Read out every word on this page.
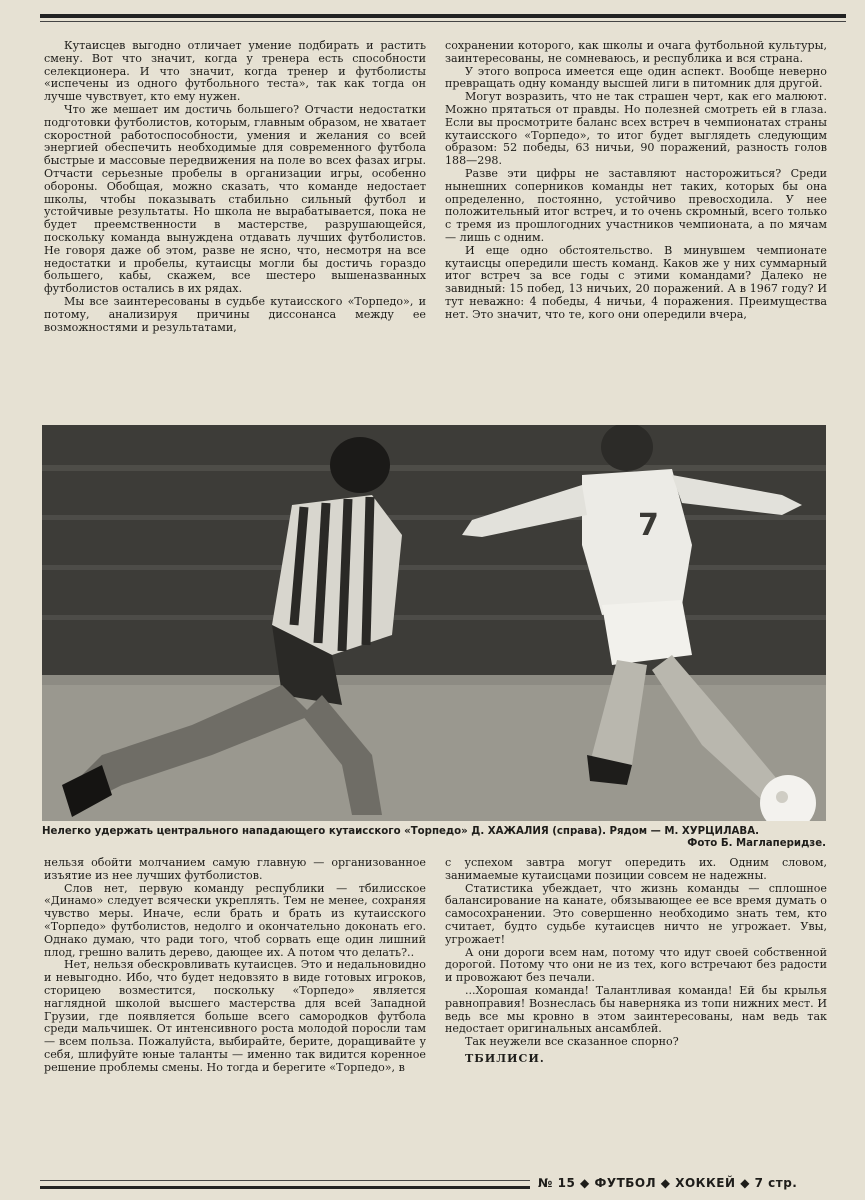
Кутаисцев выгодно отличает умение подбирать и растить смену. Вот что значит, когда у тренера есть способности селекционера. И что значит, когда тренер и футболисты «испечены из одного футбольного теста», так как тогда он лучше чувствует, кто ему нужен.

Что же мешает им достичь большего? Отчасти недостатки подготовки футболистов, которым, главным образом, не хватает скоростной работоспособности, умения и желания со всей энергией обеспечить необходимые для современного футбола быстрые и массовые передвижения на поле во всех фазах игры. Отчасти серьезные пробелы в организации игры, особенно обороны. Обобщая, можно сказать, что команде недостает школы, чтобы показывать стабильно сильный футбол и устойчивые результаты. Но школа не вырабатывается, пока не будет преемственности в мастерстве, разрушающейся, поскольку команда вынуждена отдавать лучших футболистов. Не говоря даже об этом, разве не ясно, что, несмотря на все недостатки и пробелы, кутаисцы могли бы достичь гораздо большего, кабы, скажем, все шестеро вышеназванных футболистов остались в их рядах.

Мы все заинтересованы в судьбе кутаисского «Торпедо», и потому, анализируя причины диссонанса между ее возможностями и результатами,

сохранении которого, как школы и очага футбольной культуры, заинтересованы, не сомневаюсь, и республика и вся страна.

У этого вопроса имеется еще один аспект. Вообще неверно превращать одну команду высшей лиги в питомник для другой.

Могут возразить, что не так страшен черт, как его малюют. Можно прятаться от правды. Но полезней смотреть ей в глаза. Если вы просмотрите баланс всех встреч в чемпионатах страны кутаисского «Торпедо», то итог будет выглядеть следующим образом: 52 победы, 63 ничьи, 90 поражений, разность голов 188—298.

Разве эти цифры не заставляют насторожиться? Среди нынешних соперников команды нет таких, которых бы она определенно, постоянно, устойчиво превосходила. У нее положительный итог встреч, и то очень скромный, всего только с тремя из прошлогодних участников чемпионата, а по мячам — лишь с одним.

И еще одно обстоятельство. В минувшем чемпионате кутаисцы опередили шесть команд. Каков же у них суммарный итог встреч за все годы с этими командами? Далеко не завидный: 15 побед, 13 ничьих, 20 поражений. А в 1967 году? И тут неважно: 4 победы, 4 ничьи, 4 поражения. Преимущества нет. Это значит, что те, кого они опередили вчера,

7
Нелегко удержать центрального нападающего кутаисского «Торпедо» Д. ХАЖАЛИЯ (справа). Рядом — М. ХУРЦИЛАВА.
Фото Б. Маглаперидзе.

нельзя обойти молчанием самую главную — организованное изъятие из нее лучших футболистов.

Слов нет, первую команду республики — тбилисское «Динамо» следует всячески укреплять. Тем не менее, сохраняя чувство меры. Иначе, если брать и брать из кутаисского «Торпедо» футболистов, недолго и окончательно доконать его. Однако думаю, что ради того, чтоб сорвать еще один лишний плод, грешно валить дерево, дающее их. А потом что делать?..

Нет, нельзя обескровливать кутаисцев. Это и недальновидно и невыгодно. Ибо, что будет недовзято в виде готовых игроков, сторицею возместится, поскольку «Торпедо» является наглядной школой высшего мастерства для всей Западной Грузии, где появляется больше всего самородков футбола среди мальчишек. От интенсивного роста молодой поросли там — всем польза. Пожалуйста, выбирайте, берите, доращивайте у себя, шлифуйте юные таланты — именно так видится коренное решение проблемы смены. Но тогда и берегите «Торпедо», в

с успехом завтра могут опередить их. Одним словом, занимаемые кутаисцами позиции совсем не надежны.

Статистика убеждает, что жизнь команды — сплошное балансирование на канате, обязывающее ее все время думать о самосохранении. Это совершенно необходимо знать тем, кто считает, будто судьбе кутаисцев ничто не угрожает. Увы, угрожает!

А они дороги всем нам, потому что идут своей собственной дорогой. Потому что они не из тех, кого встречают без радости и провожают без печали.

...Хорошая команда! Талантливая команда! Ей бы крылья равноправия! Вознеслась бы наверняка из топи нижних мест. И ведь все мы кровно в этом заинтересованы, нам ведь так недостает оригинальных ансамблей.

Так неужели все сказанное спорно?

ТБИЛИСИ.

№ 15 ◆ ФУТБОЛ ◆ ХОККЕЙ ◆ 7 стр.
